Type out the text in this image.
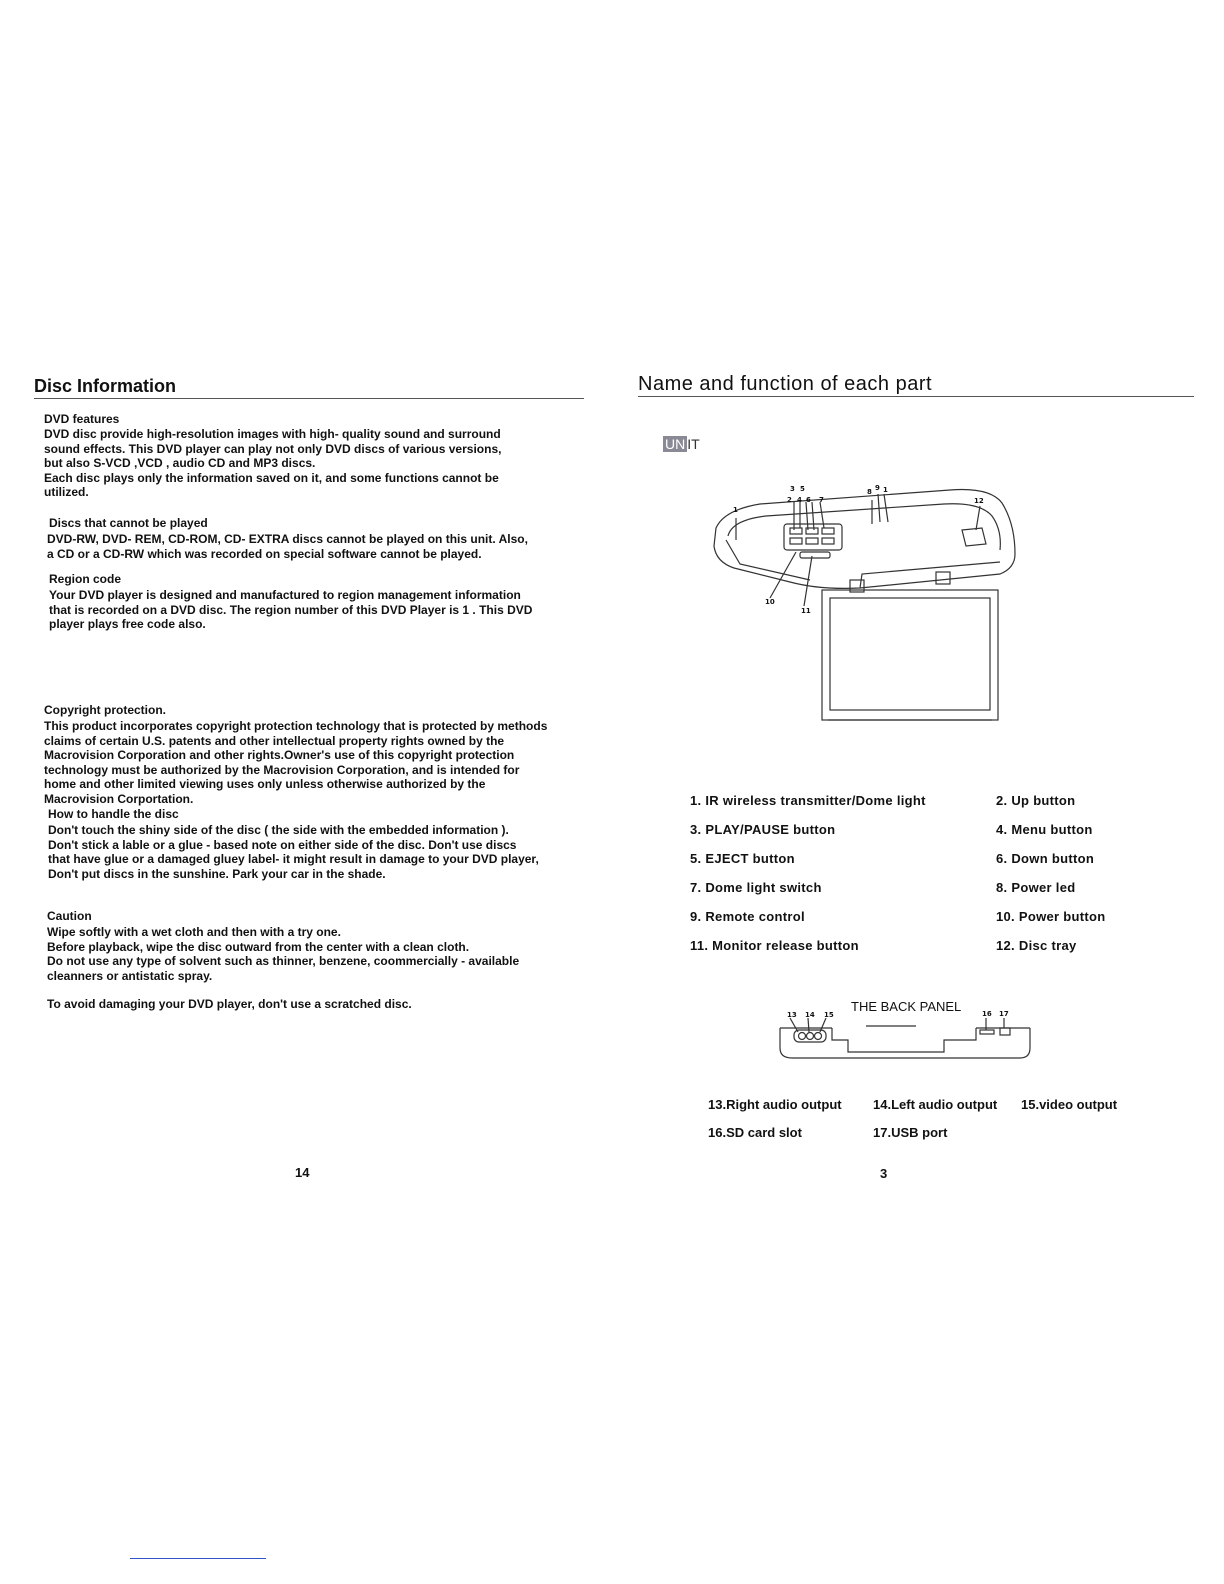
Disc Information
DVD features
DVD disc provide high-resolution images with high- quality sound and surround
sound effects. This DVD player can play not only DVD discs of various versions,
but also S-VCD ,VCD , audio CD and MP3 discs.
Each disc plays only the information saved on it, and some functions cannot be
utilized.
Discs that cannot be played
DVD-RW, DVD- REM, CD-ROM, CD- EXTRA discs cannot be played on this unit. Also,
a CD or a CD-RW which was recorded on special software cannot be played.
Region code
Your DVD player is designed and manufactured to region management information
that is recorded on a DVD disc. The region number of this DVD Player is 1 . This DVD
player plays free code also.
Copyright protection.
This product incorporates copyright protection technology that is protected by methods
claims of certain U.S. patents and other intellectual property rights owned by the
Macrovision Corporation and other rights.Owner's use of this copyright protection
technology must be authorized by the Macrovision Corporation, and is intended for
home and other limited viewing uses only unless otherwise authorized by the
Macrovision Corportation.
How to handle the disc
Don't touch the shiny side of the disc ( the side with the embedded information ).
Don't stick a lable or a glue - based note on either side of the disc. Don't use discs
that have glue or a damaged gluey label- it might result in damage to your DVD player,
Don't put discs in the sunshine. Park your car in the shade.
Caution
Wipe softly with a wet cloth and then with a try one.
Before playback, wipe the disc outward from the center with a clean cloth.
Do not use any type of solvent such as thinner, benzene, coommercially - available
cleanners or antistatic spray.
To avoid damaging your DVD player, don't use a scratched disc.
14
Name and function of each part
UN IT
1
3 5
2 4 6 7
8 9 1
12
10
11
1. IR wireless transmitter/Dome light	2. Up button
3. PLAY/PAUSE button	4. Menu button
5. EJECT button	6. Down button
7. Dome light switch	8. Power led
9. Remote control	10. Power button
11. Monitor release button	12. Disc tray
THE BACK PANEL
13 14 15	16 17
13.Right audio output 14.Left audio output 15.video output
16.SD card slot	17.USB port
3
